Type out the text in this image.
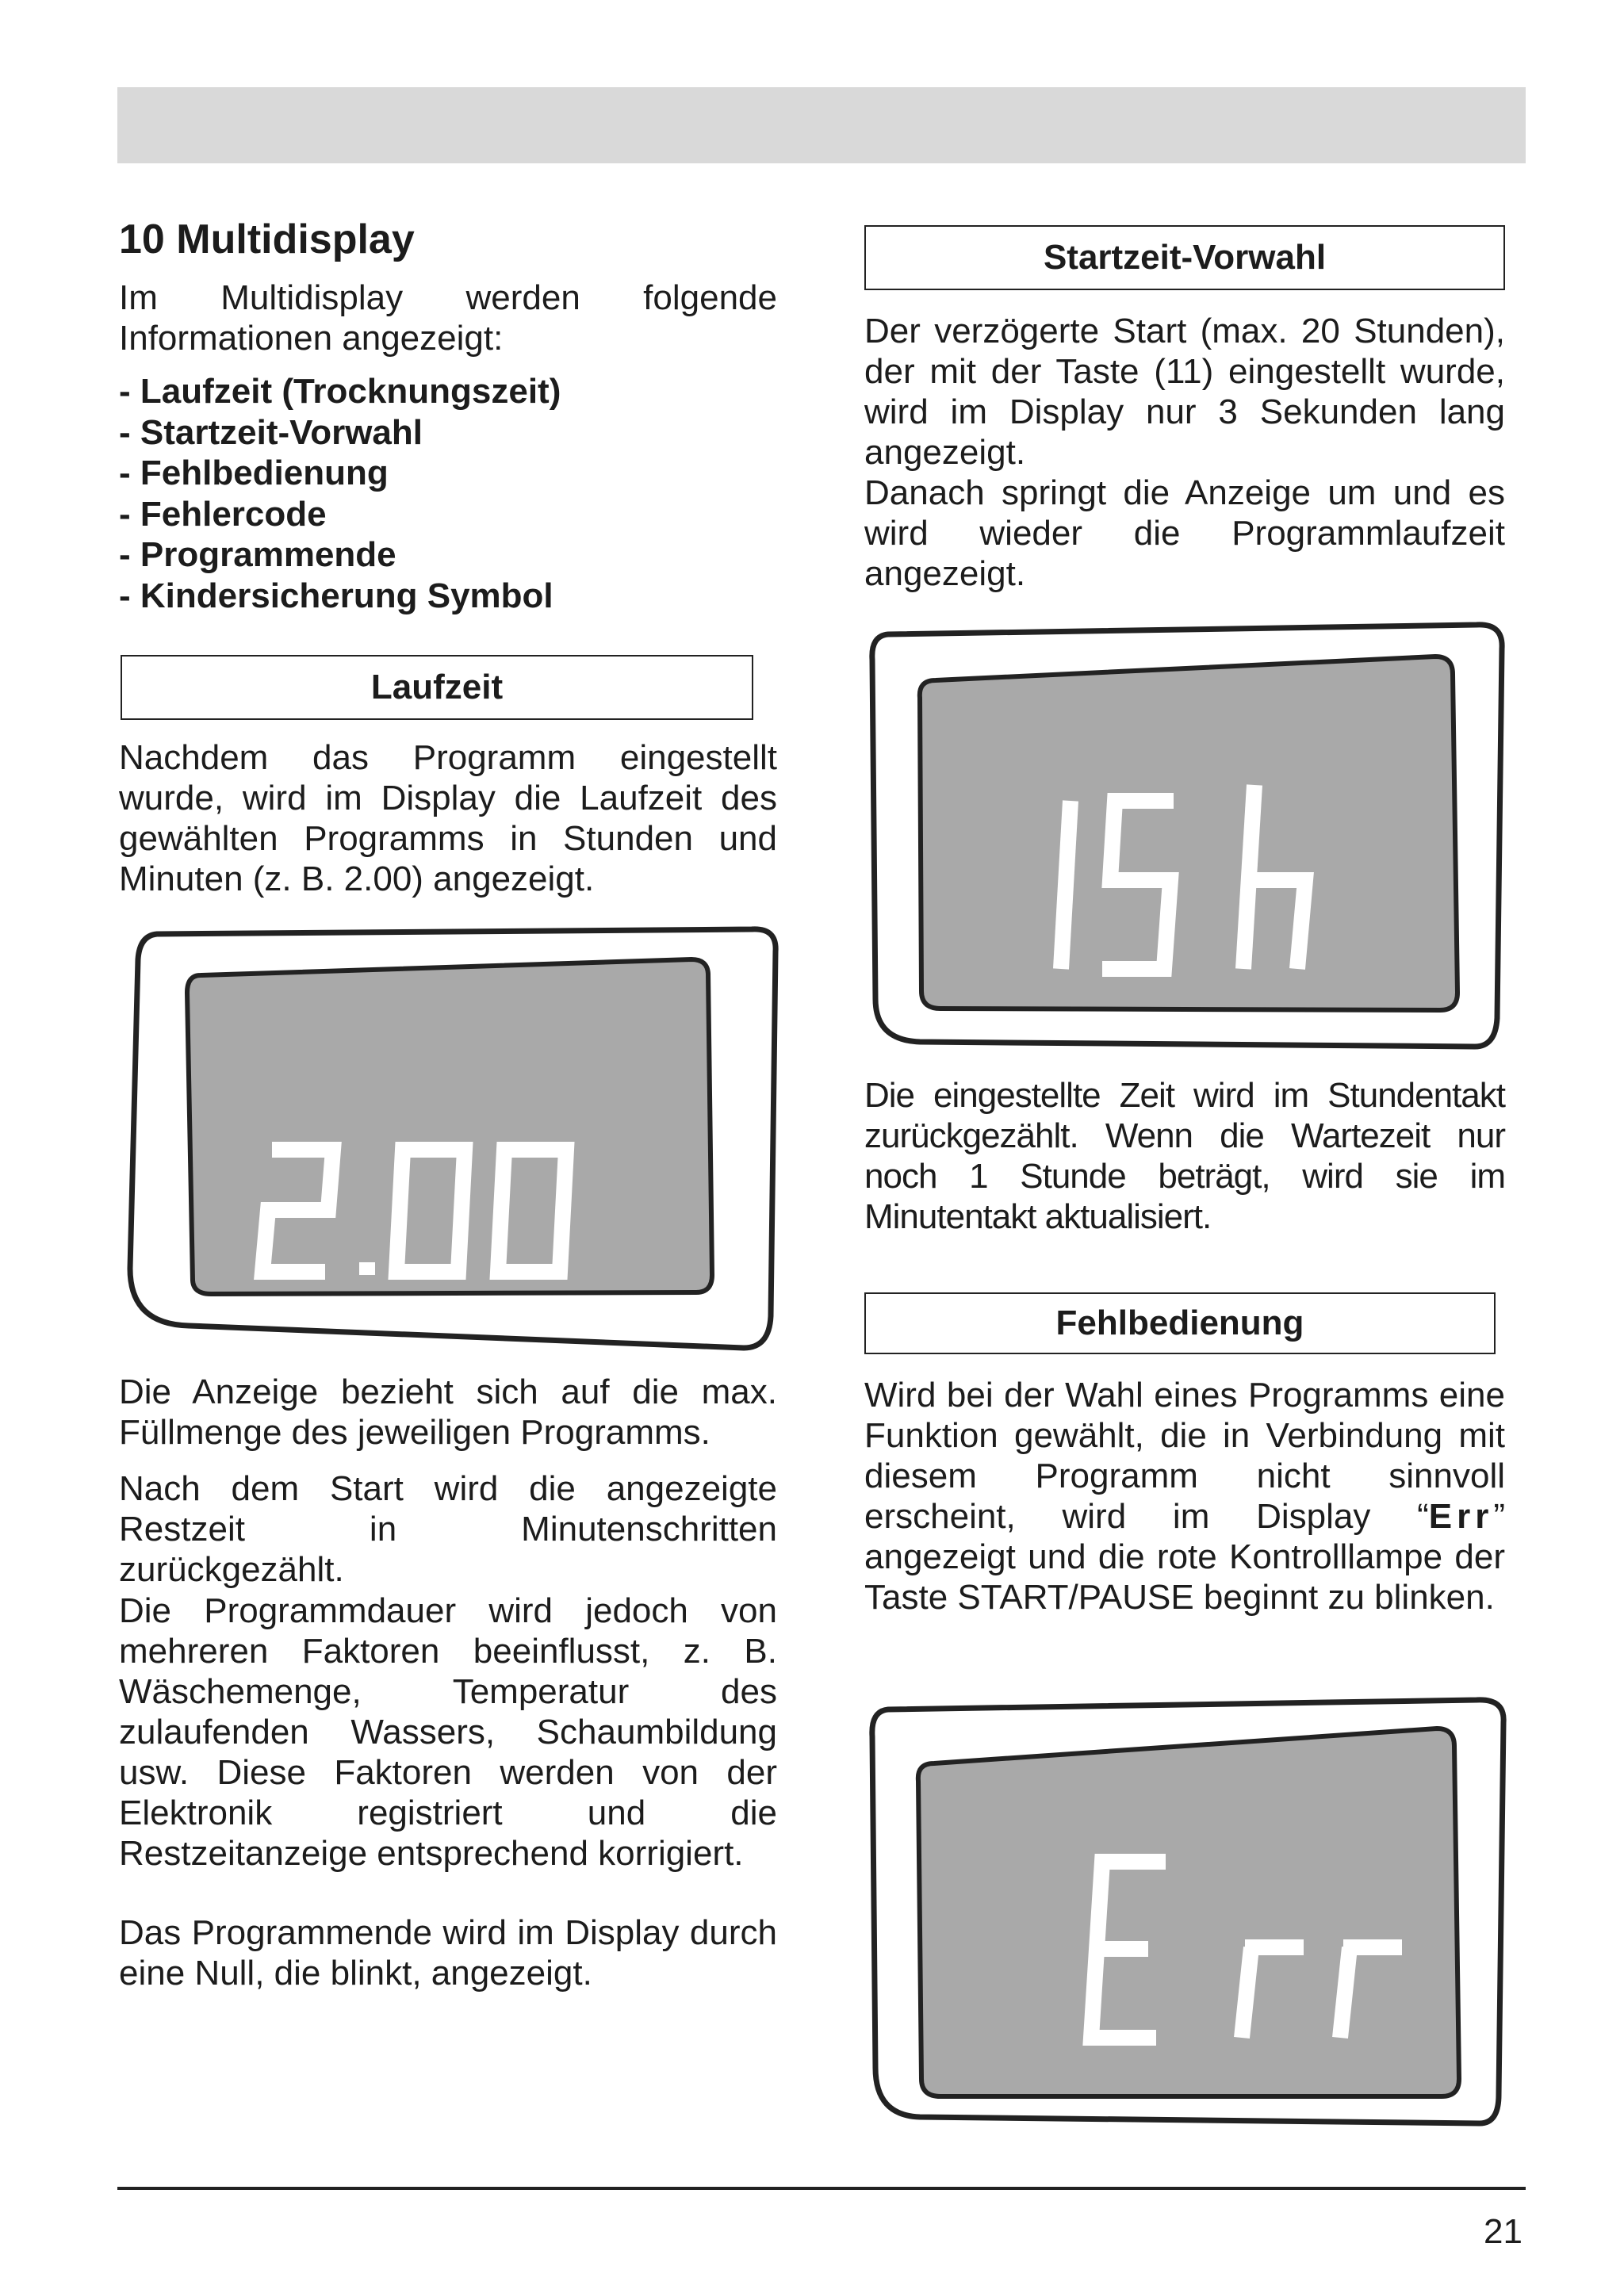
10 Multidisplay

Im Multidisplay werden folgende Informationen angezeigt:

- Laufzeit (Trocknungszeit)
- Startzeit-Vorwahl
- Fehlbedienung
- Fehlercode
- Programmende
- Kindersicherung Symbol
Laufzeit

Nachdem das Programm eingestellt wurde, wird im Display die Laufzeit des gewählten Programms in Stunden und Minuten (z. B. 2.00) angezeigt.

Die Anzeige bezieht sich auf die max. Füllmenge des jeweiligen Programms.

Nach dem Start wird die angezeigte Restzeit in Minutenschritten zurückgezählt.

Die Programmdauer wird jedoch von mehreren Faktoren beeinflusst, z. B. Wäschemenge, Temperatur des zulaufenden Wassers, Schaumbildung usw. Diese Faktoren werden von der Elektronik registriert und die Restzeitanzeige entsprechend korrigiert.

Das Programmende wird im Display durch eine Null, die blinkt, angezeigt.

Startzeit-Vorwahl

Der verzögerte Start (max. 20 Stunden), der mit der Taste (11) eingestellt wurde, wird im Display nur 3 Sekunden lang angezeigt.

Danach springt die Anzeige um und es wird wieder die Programmlaufzeit angezeigt.

Die eingestellte Zeit wird im Stundentakt zurückgezählt. Wenn die Wartezeit nur noch 1 Stunde beträgt, wird sie im Minutentakt aktualisiert.

Fehlbedienung

Wird bei der Wahl eines Programms eine Funktion gewählt, die in Verbindung mit diesem Programm nicht sinnvoll erscheint, wird im Display “Err” angezeigt und die rote Kontrolllampe der Taste START/PAUSE beginnt zu blinken.

21
